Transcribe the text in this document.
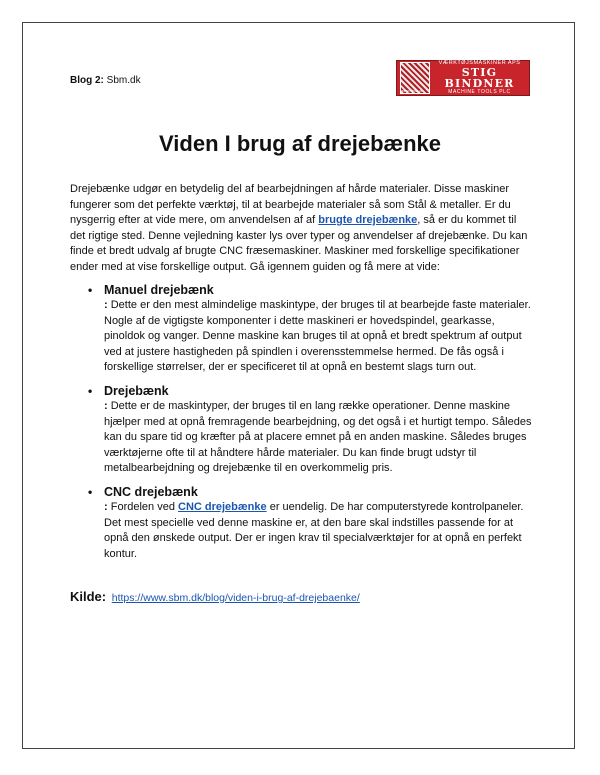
Blog 2: Sbm.dk
VÆRKTØJSMASKINER APS
STIG BINDNER
MACHINE TOOLS PLC
www.sbm.dk
Viden I brug af drejebænke

Drejebænke udgør en betydelig del af bearbejdningen af hårde materialer. Disse maskiner fungerer som det perfekte værktøj, til at bearbejde materialer så som Stål & metaller. Er du nysgerrig efter at vide mere, om anvendelsen af af brugte drejebænke, så er du kommet til det rigtige sted. Denne vejledning kaster lys over typer og anvendelser af drejebænke. Du kan finde et bredt udvalg af brugte CNC fræsemaskiner. Maskiner med forskellige specifikationer ender med at vise forskellige output. Gå igennem guiden og få mere at vide:

• Manuel drejebænk
: Dette er den mest almindelige maskintype, der bruges til at bearbejde faste materialer. Nogle af de vigtigste komponenter i dette maskineri er hovedspindel, gearkasse, pinoldok og vanger. Denne maskine kan bruges til at opnå et bredt spektrum af output ved at justere hastigheden på spindlen i overensstemmelse hermed. De fås også i forskellige størrelser, der er specificeret til at opnå en bestemt slags turn out.
• Drejebænk
: Dette er de maskintyper, der bruges til en lang række operationer. Denne maskine hjælper med at opnå fremragende bearbejdning, og det også i et hurtigt tempo. Således kan du spare tid og kræfter på at placere emnet på en anden maskine. Således bruges værktøjerne ofte til at håndtere hårde materialer. Du kan finde brugt udstyr til metalbearbejdning og drejebænke til en overkommelig pris.
• CNC drejebænk
: Fordelen ved CNC drejebænke er uendelig. De har computerstyrede kontrolpaneler. Det mest specielle ved denne maskine er, at den bare skal indstilles passende for at opnå den ønskede output. Der er ingen krav til specialværktøjer for at opnå en perfekt kontur.
Kilde: https://www.sbm.dk/blog/viden-i-brug-af-drejebaenke/
